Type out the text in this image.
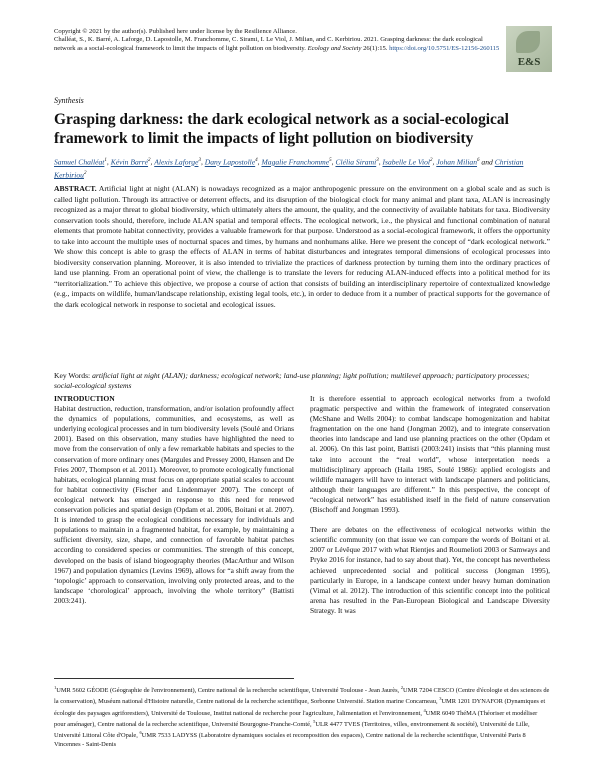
Copyright © 2021 by the author(s). Published here under license by the Resilience Alliance.
Challéat, S., K. Barré, A. Laforge, D. Lapostolle, M. Franchomme, C. Sirami, I. Le Viol, J. Milian, and C. Kerbiriou. 2021. Grasping darkness: the dark ecological network as a social-ecological framework to limit the impacts of light pollution on biodiversity. Ecology and Society 26(1):15. https://doi.org/10.5751/ES-12156-260115
E&S
Synthesis
Grasping darkness: the dark ecological network as a social-ecological framework to limit the impacts of light pollution on biodiversity
Samuel Challéat$^1$, Kévin Barré$^2$, Alexis Laforge$^3$, Dany Lapostolle$^4$, Magalie Franchomme$^5$, Clélia Sirami$^3$, Isabelle Le Viol$^2$, Johan Milian$^6$ and Christian Kerbiriou$^2$

ABSTRACT. Artificial light at night (ALAN) is nowadays recognized as a major anthropogenic pressure on the environment on a global scale and as such is called light pollution. Through its attractive or deterrent effects, and its disruption of the biological clock for many animal and plant taxa, ALAN is increasingly recognized as a major threat to global biodiversity, which ultimately alters the amount, the quality, and the connectivity of available habitats for taxa. Biodiversity conservation tools should, therefore, include ALAN spatial and temporal effects. The ecological network, i.e., the physical and functional combination of natural elements that promote habitat connectivity, provides a valuable framework for that purpose. Understood as a social-ecological framework, it offers the opportunity to take into account the multiple uses of nocturnal spaces and times, by humans and nonhumans alike. Here we present the concept of “dark ecological network.” We show this concept is able to grasp the effects of ALAN in terms of habitat disturbances and integrates temporal dimensions of ecological processes into biodiversity conservation planning. Moreover, it is also intended to trivialize the practices of darkness protection by turning them into the ordinary practices of land use planning. From an operational point of view, the challenge is to translate the levers for reducing ALAN-induced effects into a political method for its “territorialization.” To achieve this objective, we propose a course of action that consists of building an interdisciplinary repertoire of contextualized knowledge (e.g., impacts on wildlife, human/landscape relationship, existing legal tools, etc.), in order to deduce from it a number of practical supports for the governance of the dark ecological network in response to societal and ecological issues.

Key Words: artificial light at night (ALAN); darkness; ecological network; land-use planning; light pollution; multilevel approach; participatory processes; social-ecological systems

INTRODUCTION

Habitat destruction, reduction, transformation, and/or isolation profoundly affect the dynamics of populations, communities, and ecosystems, as well as underlying ecological processes and in turn biodiversity levels (Soulé and Orians 2001). Based on this observation, many studies have highlighted the need to move from the conservation of only a few remarkable habitats and species to the conservation of more ordinary ones (Margules and Pressey 2000, Hansen and De Fries 2007, Thompson et al. 2011). Moreover, to promote ecologically functional habitats, ecological planning must focus on appropriate spatial scales to account for habitat connectivity (Fischer and Lindenmayer 2007). The concept of ecological network has emerged in response to this need for renewed conservation policies and spatial design (Opdam et al. 2006, Boitani et al. 2007). It is intended to grasp the ecological conditions necessary for individuals and populations to maintain in a fragmented habitat, for example, by maintaining a sufficient diversity, size, shape, and connection of favorable habitat patches according to considered species or communities. The strength of this concept, developed on the basis of island biogeography theories (MacArthur and Wilson 1967) and population dynamics (Levins 1969), allows for “a shift away from the ‘topologic’ approach to conservation, involving only protected areas, and to the landscape ‘chorological’ approach, involving the whole territory” (Battisti 2003:241).

It is therefore essential to approach ecological networks from a twofold pragmatic perspective and within the framework of integrated conservation (McShane and Wells 2004): to combat landscape homogenization and habitat fragmentation on the one hand (Jongman 2002), and to integrate conservation theories into landscape and land use planning practices on the other (Opdam et al. 2006). On this last point, Battisti (2003:241) insists that “this planning must take into account the “real world”, whose interpretation needs a multidisciplinary approach (Haila 1985, Soulé 1986): applied ecologists and wildlife managers will have to interact with landscape planners and politicians, although their languages are different.” In this perspective, the concept of “ecological network” has established itself in the field of nature conservation (Bischoff and Jongman 1993).

There are debates on the effectiveness of ecological networks within the scientific community (on that issue we can compare the words of Boitani et al. 2007 or Lévêque 2017 with what Rientjes and Roumelioti 2003 or Samways and Pryke 2016 for instance, had to say about that). Yet, the concept has nevertheless achieved unprecedented social and political success (Jongman 1995), particularly in Europe, in a landscape context under heavy human domination (Vimal et al. 2012). The introduction of this scientific concept into the political arena has resulted in the Pan-European Biological and Landscape Diversity Strategy. It was

$^1$UMR 5602 GÉODE (Géographie de l'environnement), Centre national de la recherche scientifique, Université Toulouse - Jean Jaurès, $^2$UMR 7204 CESCO (Centre d'écologie et des sciences de la conservation), Muséum national d'Histoire naturelle, Centre national de la recherche scientifique, Sorbonne Université. Station marine Concarneau, $^3$UMR 1201 DYNAFOR (Dynamiques et écologie des paysages agriforestiers), Université de Toulouse, Institut national de recherche pour l'agriculture, l'alimentation et l'environnement, $^4$UMR 6049 ThéMA (Théoriser et modéliser pour aménager), Centre national de la recherche scientifique, Université Bourgogne-Franche-Comté, $^5$ULR 4477 TVES (Territoires, villes, environnement & société), Université de Lille, Université Littoral Côte d'Opale, $^6$UMR 7533 LADYSS (Laboratoire dynamiques sociales et recomposition des espaces), Centre national de la recherche scientifique, Université Paris 8 Vincennes - Saint-Denis
